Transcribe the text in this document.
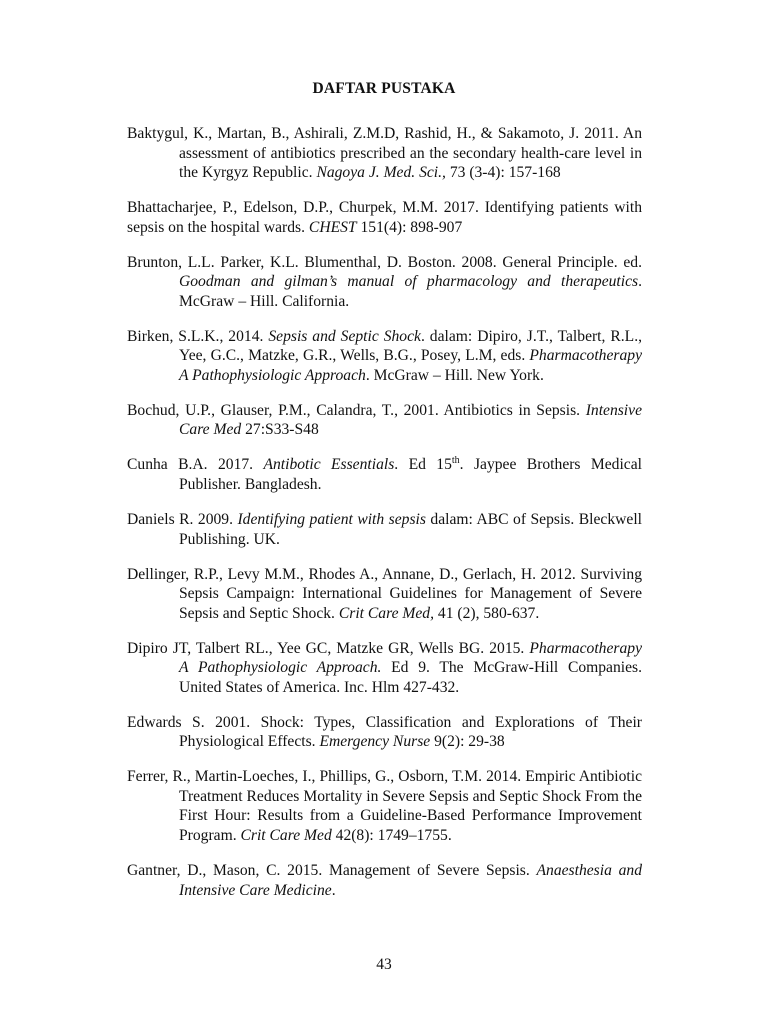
DAFTAR PUSTAKA

Baktygul, K., Martan, B., Ashirali, Z.M.D, Rashid, H., & Sakamoto, J. 2011. An assessment of antibiotics prescribed an the secondary health-care level in the Kyrgyz Republic. Nagoya J. Med. Sci., 73 (3-4): 157-168

Bhattacharjee, P., Edelson, D.P., Churpek, M.M. 2017. Identifying patients with sepsis on the hospital wards. CHEST 151(4): 898-907

Brunton, L.L. Parker, K.L. Blumenthal, D. Boston. 2008. General Principle. ed. Goodman and gilman’s manual of pharmacology and therapeutics. McGraw – Hill. California.

Birken, S.L.K., 2014. Sepsis and Septic Shock. dalam: Dipiro, J.T., Talbert, R.L., Yee, G.C., Matzke, G.R., Wells, B.G., Posey, L.M, eds. Pharmacotherapy A Pathophysiologic Approach. McGraw – Hill. New York.

Bochud, U.P., Glauser, P.M., Calandra, T., 2001. Antibiotics in Sepsis. Intensive Care Med 27:S33-S48

Cunha B.A. 2017. Antibotic Essentials. Ed 15th. Jaypee Brothers Medical Publisher. Bangladesh.

Daniels R. 2009. Identifying patient with sepsis dalam: ABC of Sepsis. Bleckwell Publishing. UK.

Dellinger, R.P., Levy M.M., Rhodes A., Annane, D., Gerlach, H. 2012. Surviving Sepsis Campaign: International Guidelines for Management of Severe Sepsis and Septic Shock. Crit Care Med, 41 (2), 580-637.

Dipiro JT, Talbert RL., Yee GC, Matzke GR, Wells BG. 2015. Pharmacotherapy A Pathophysiologic Approach. Ed 9. The McGraw-Hill Companies. United States of America. Inc. Hlm 427-432.

Edwards S. 2001. Shock: Types, Classification and Explorations of Their Physiological Effects. Emergency Nurse 9(2): 29-38

Ferrer, R., Martin-Loeches, I., Phillips, G., Osborn, T.M. 2014. Empiric Antibiotic Treatment Reduces Mortality in Severe Sepsis and Septic Shock From the First Hour: Results from a Guideline-Based Performance Improvement Program. Crit Care Med 42(8): 1749–1755.

Gantner, D., Mason, C. 2015. Management of Severe Sepsis. Anaesthesia and Intensive Care Medicine.

43
